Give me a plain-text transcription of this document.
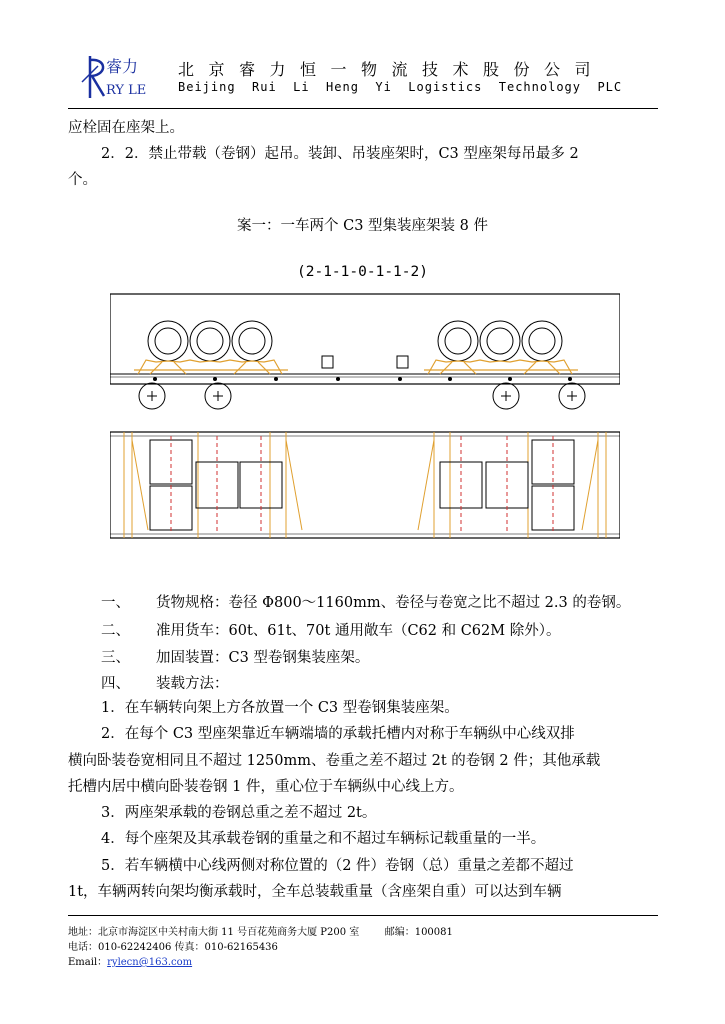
睿力
RY LE
北京睿力恒一物流技术股份公司
Beijing  Rui  Li  Heng  Yi  Logistics  Technology  PLC
应栓固在座架上。
2．2．禁止带载（卷钢）起吊。装卸、吊装座架时，C3 型座架每吊最多 2
个。
案一：一车两个 C3 型集装座架装 8 件
(2-1-1-0-1-1-2)
一、 货物规格：卷径 Φ800～1160mm、卷径与卷宽之比不超过 2.3 的卷钢。
二、 准用货车：60t、61t、70t 通用敞车（C62 和 C62M 除外）。
三、 加固装置：C3 型卷钢集装座架。
四、 装载方法：
1．在车辆转向架上方各放置一个 C3 型卷钢集装座架。
2．在每个 C3 型座架靠近车辆端墙的承载托槽内对称于车辆纵中心线双排
横向卧装卷宽相同且不超过 1250mm、卷重之差不超过 2t 的卷钢 2 件；其他承载
托槽内居中横向卧装卷钢 1 件，重心位于车辆纵中心线上方。
3．两座架承载的卷钢总重之差不超过 2t。
4．每个座架及其承载卷钢的重量之和不超过车辆标记载重量的一半。
5．若车辆横中心线两侧对称位置的（2 件）卷钢（总）重量之差都不超过
1t，车辆两转向架均衡承载时，全车总装载重量（含座架自重）可以达到车辆
地址：北京市海淀区中关村南大街 11 号百花苑商务大厦 P200 室	邮编：100081
电话：010-62242406 传真：010-62165436
Email：rylecn@163.com
